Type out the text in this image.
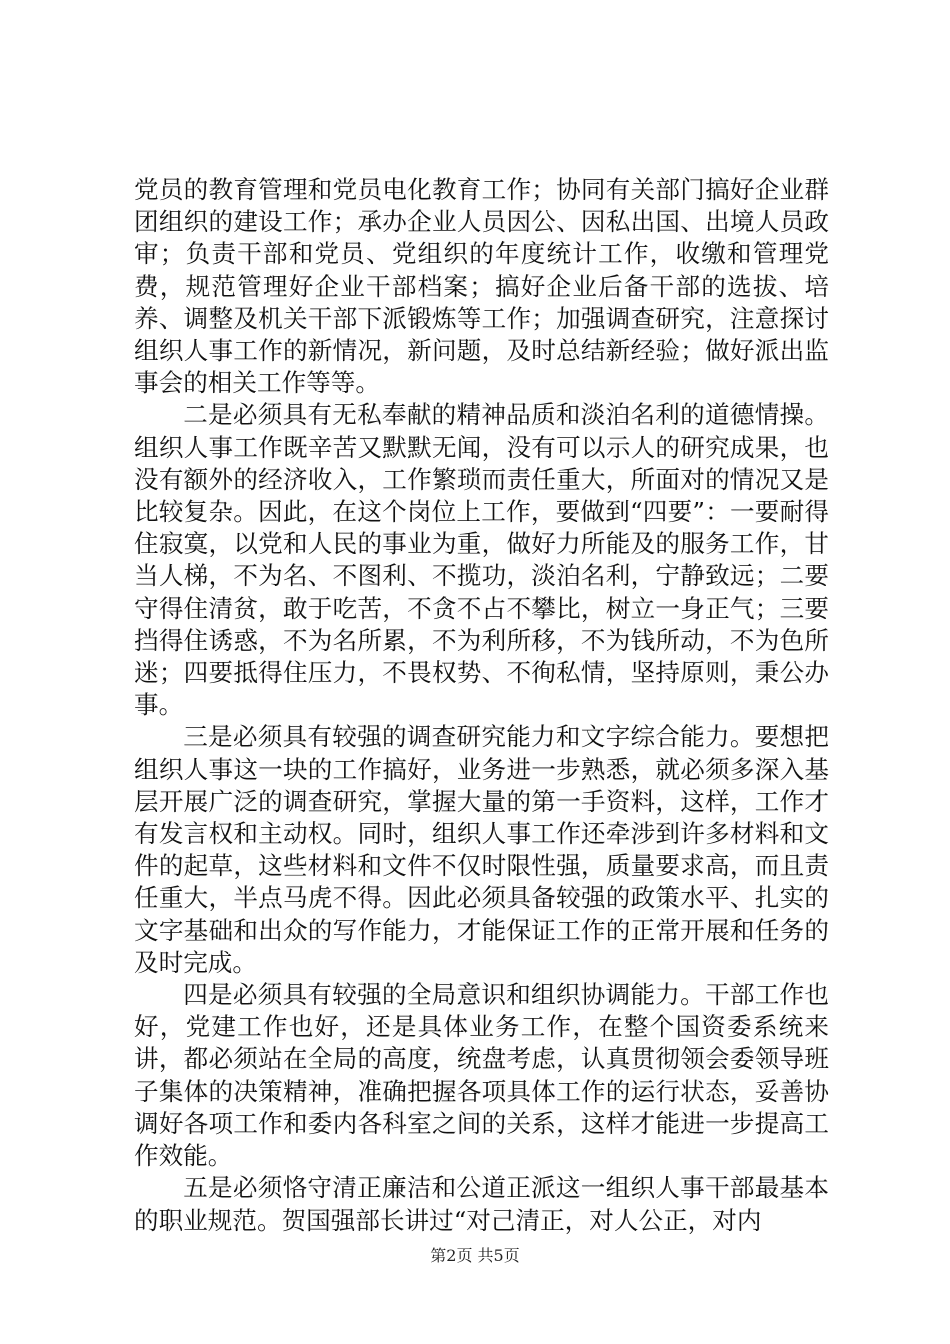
党员的教育管理和党员电化教育工作；协同有关部门搞好企业群团组织的建设工作；承办企业人员因公、因私出国、出境人员政审；负责干部和党员、党组织的年度统计工作，收缴和管理党费，规范管理好企业干部档案；搞好企业后备干部的选拔、培养、调整及机关干部下派锻炼等工作；加强调查研究，注意探讨组织人事工作的新情况，新问题，及时总结新经验；做好派出监事会的相关工作等等。

二是必须具有无私奉献的精神品质和淡泊名利的道德情操。组织人事工作既辛苦又默默无闻，没有可以示人的研究成果，也没有额外的经济收入，工作繁琐而责任重大，所面对的情况又是比较复杂。因此，在这个岗位上工作，要做到“四要”：一要耐得住寂寞，以党和人民的事业为重，做好力所能及的服务工作，甘当人梯，不为名、不图利、不揽功，淡泊名利，宁静致远；二要守得住清贫，敢于吃苦，不贪不占不攀比，树立一身正气；三要挡得住诱惑，不为名所累，不为利所移，不为钱所动，不为色所迷；四要抵得住压力，不畏权势、不徇私情，坚持原则，秉公办事。

三是必须具有较强的调查研究能力和文字综合能力。要想把组织人事这一块的工作搞好，业务进一步熟悉，就必须多深入基层开展广泛的调查研究，掌握大量的第一手资料，这样，工作才有发言权和主动权。同时，组织人事工作还牵涉到许多材料和文件的起草，这些材料和文件不仅时限性强，质量要求高，而且责任重大，半点马虎不得。因此必须具备较强的政策水平、扎实的文字基础和出众的写作能力，才能保证工作的正常开展和任务的及时完成。

四是必须具有较强的全局意识和组织协调能力。干部工作也好，党建工作也好，还是具体业务工作，在整个国资委系统来讲，都必须站在全局的高度，统盘考虑，认真贯彻领会委领导班子集体的决策精神，准确把握各项具体工作的运行状态，妥善协调好各项工作和委内各科室之间的关系，这样才能进一步提高工作效能。

五是必须恪守清正廉洁和公道正派这一组织人事干部最基本的职业规范。贺国强部长讲过“对己清正，对人公正，对内

第2页 共5页
